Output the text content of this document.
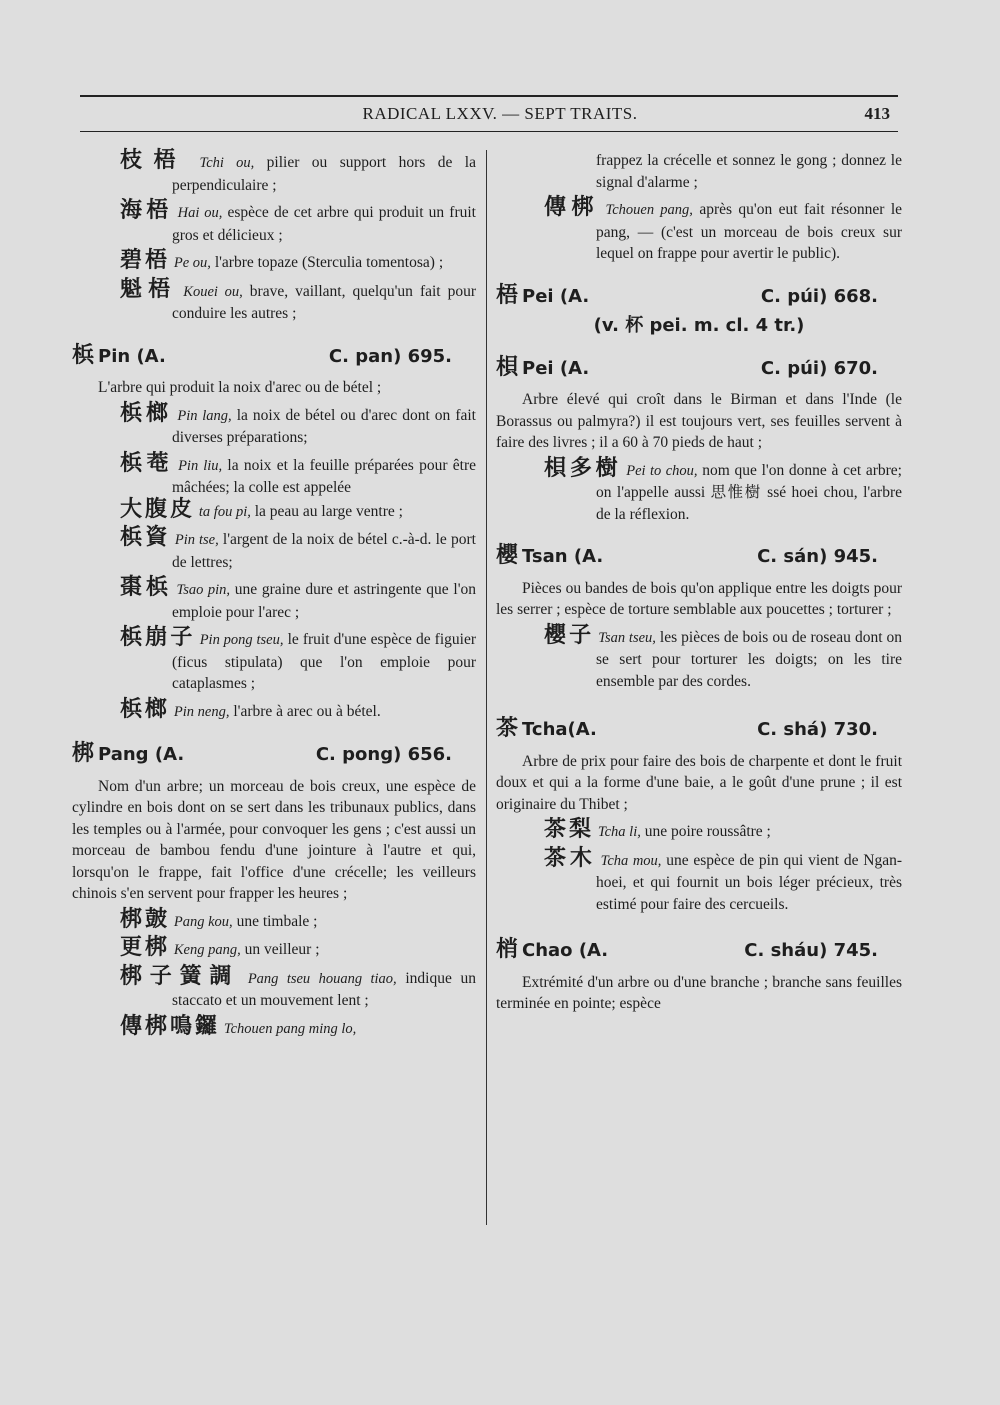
RADICAL LXXV. — SEPT TRAITS.	413
枝梧 Tchi ou, pilier ou support hors de la perpendiculaire ;
海梧 Hai ou, espèce de cet arbre qui produit un fruit gros et délicieux ;
碧梧 Pe ou, l'arbre topaze (Sterculia tomentosa) ;
魁梧 Kouei ou, brave, vaillant, quelqu'un fait pour conduire les autres ;
梹 Pin (A.	C. pan) 695.
L'arbre qui produit la noix d'arec ou de bétel ;
梹榔 Pin lang, la noix de bétel ou d'arec dont on fait diverses préparations;
梹䓐 Pin liu, la noix et la feuille préparées pour être mâchées; la colle est appelée
大腹皮 ta fou pi, la peau au large ventre ;
梹資 Pin tse, l'argent de la noix de bétel c.-à-d. le port de lettres;
棗梹 Tsao pin, une graine dure et astringente que l'on emploie pour l'arec ;
梹崩子 Pin pong tseu, le fruit d'une espèce de figuier (ficus stipulata) que l'on emploie pour cataplasmes ;
梹榔 Pin neng, l'arbre à arec ou à bétel.
梆 Pang (A.	C. pong) 656.
Nom d'un arbre; un morceau de bois creux, une espèce de cylindre en bois dont on se sert dans les tribunaux publics, dans les temples ou à l'armée, pour convoquer les gens ; c'est aussi un morceau de bambou fendu d'une jointure à l'autre et qui, lorsqu'on le frappe, fait l'office d'une crécelle; les veilleurs chinois s'en servent pour frapper les heures ;
梆皷 Pang kou, une timbale ;
更梆 Keng pang, un veilleur ;
梆子簧調 Pang tseu houang tiao, indique un staccato et un mouvement lent ;
傳梆鳴鑼 Tchouen pang ming lo,
frappez la crécelle et sonnez le gong ; donnez le signal d'alarme ;
傳梆 Tchouen pang, après qu'on eut fait résonner le pang, — (c'est un morceau de bois creux sur lequel on frappe pour avertir le public).
梧 Pei (A.	C. púi) 668.
(v. 杯 pei. m. cl. 4 tr.)
梖 Pei (A.	C. púi) 670.
Arbre élevé qui croît dans le Birman et dans l'Inde (le Borassus ou palmyra?) il est toujours vert, ses feuilles servent à faire des livres ; il a 60 à 70 pieds de haut ;
梖多樹 Pei to chou, nom que l'on donne à cet arbre; on l'appelle aussi 思惟樹 ssé hoei chou, l'arbre de la réflexion.
櫻 Tsan (A.	C. sán) 945.
Pièces ou bandes de bois qu'on applique entre les doigts pour les serrer ; espèce de torture semblable aux poucettes ; torturer ;
櫻子 Tsan tseu, les pièces de bois ou de roseau dont on se sert pour torturer les doigts; on les tire ensemble par des cordes.
茶 Tcha(A.	C. shá) 730.
Arbre de prix pour faire des bois de charpente et dont le fruit doux et qui a la forme d'une baie, a le goût d'une prune ; il est originaire du Thibet ;
茶梨 Tcha li, une poire roussâtre ;
茶木 Tcha mou, une espèce de pin qui vient de Ngan-hoei, et qui fournit un bois léger précieux, très estimé pour faire des cercueils.
梢 Chao (A.	C. sháu) 745.
Extrémité d'un arbre ou d'une branche ; branche sans feuilles terminée en pointe; espèce
